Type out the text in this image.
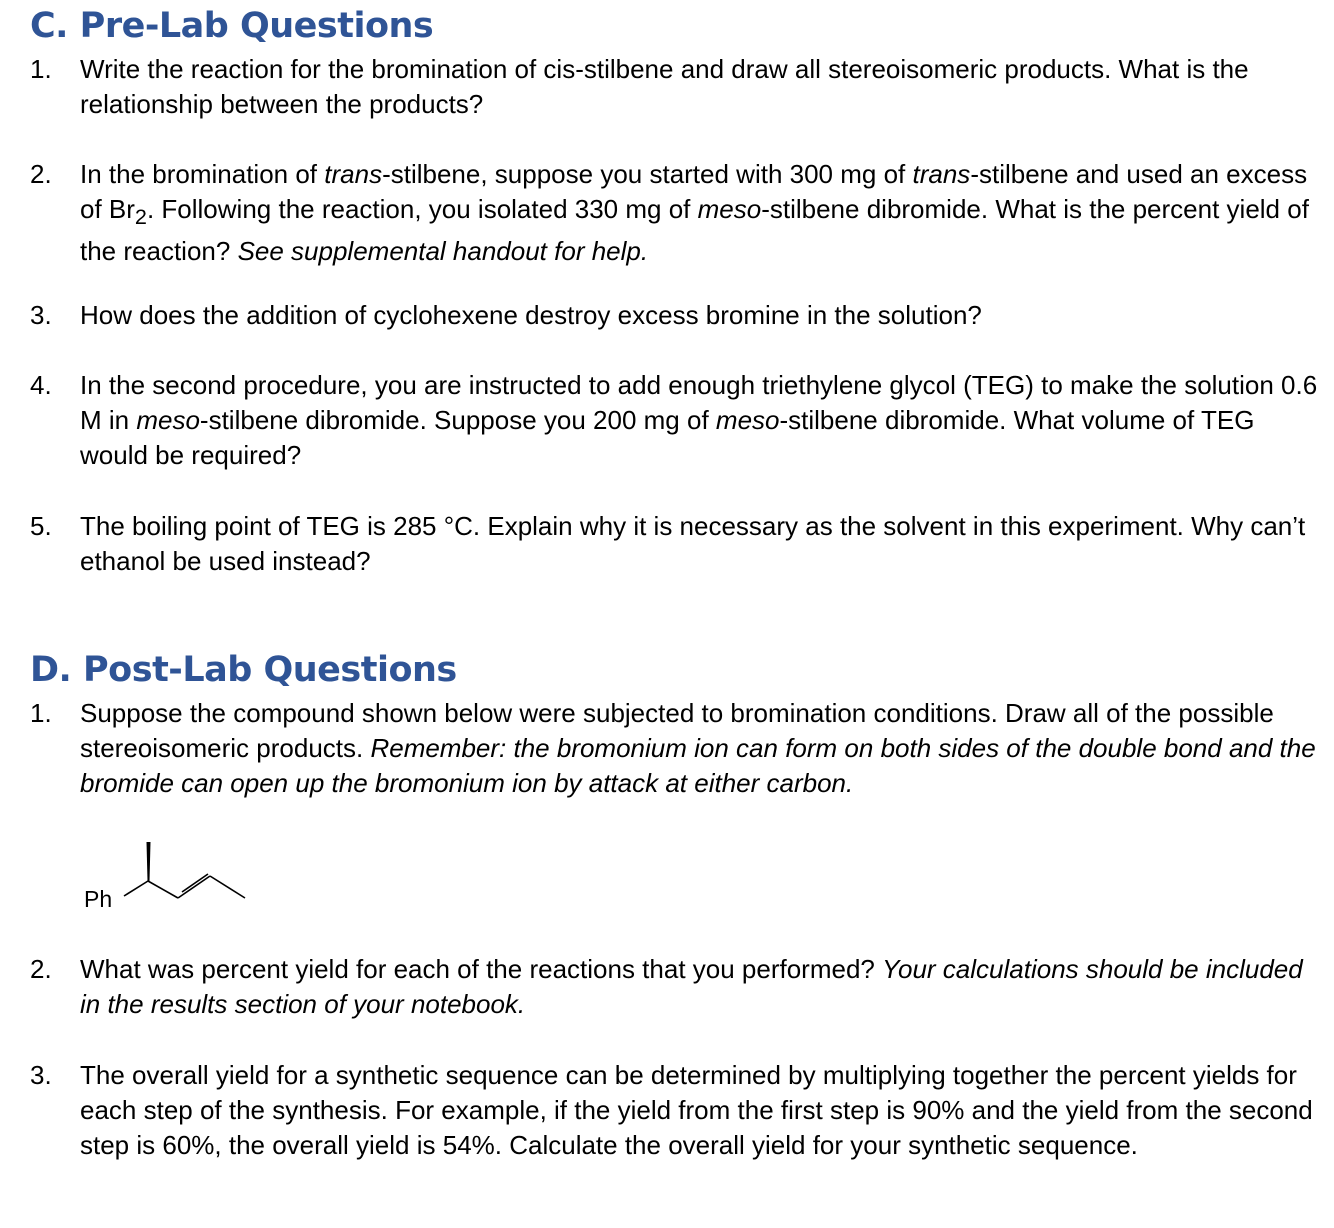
C. Pre-Lab Questions
1.	Write the reaction for the bromination of cis-stilbene and draw all stereoisomeric products. What is the relationship between the products?
2.	In the bromination of trans-stilbene, suppose you started with 300 mg of trans-stilbene and used an excess of $Br_2$. Following the reaction, you isolated 330 mg of meso-stilbene dibromide. What is the percent yield of the reaction? See supplemental handout for help.
3.	How does the addition of cyclohexene destroy excess bromine in the solution?
4.	In the second procedure, you are instructed to add enough triethylene glycol (TEG) to make the solution 0.6 M in meso-stilbene dibromide. Suppose you 200 mg of meso-stilbene dibromide. What volume of TEG would be required?
5.	The boiling point of TEG is 285 °C. Explain why it is necessary as the solvent in this experiment. Why can’t ethanol be used instead?
D. Post-Lab Questions
1.	Suppose the compound shown below were subjected to bromination conditions. Draw all of the possible stereoisomeric products. Remember: the bromonium ion can form on both sides of the double bond and the bromide can open up the bromonium ion by attack at either carbon.
Ph
2.	What was percent yield for each of the reactions that you performed? Your calculations should be included in the results section of your notebook.
3.	The overall yield for a synthetic sequence can be determined by multiplying together the percent yields for each step of the synthesis. For example, if the yield from the first step is 90% and the yield from the second step is 60%, the overall yield is 54%. Calculate the overall yield for your synthetic sequence.
